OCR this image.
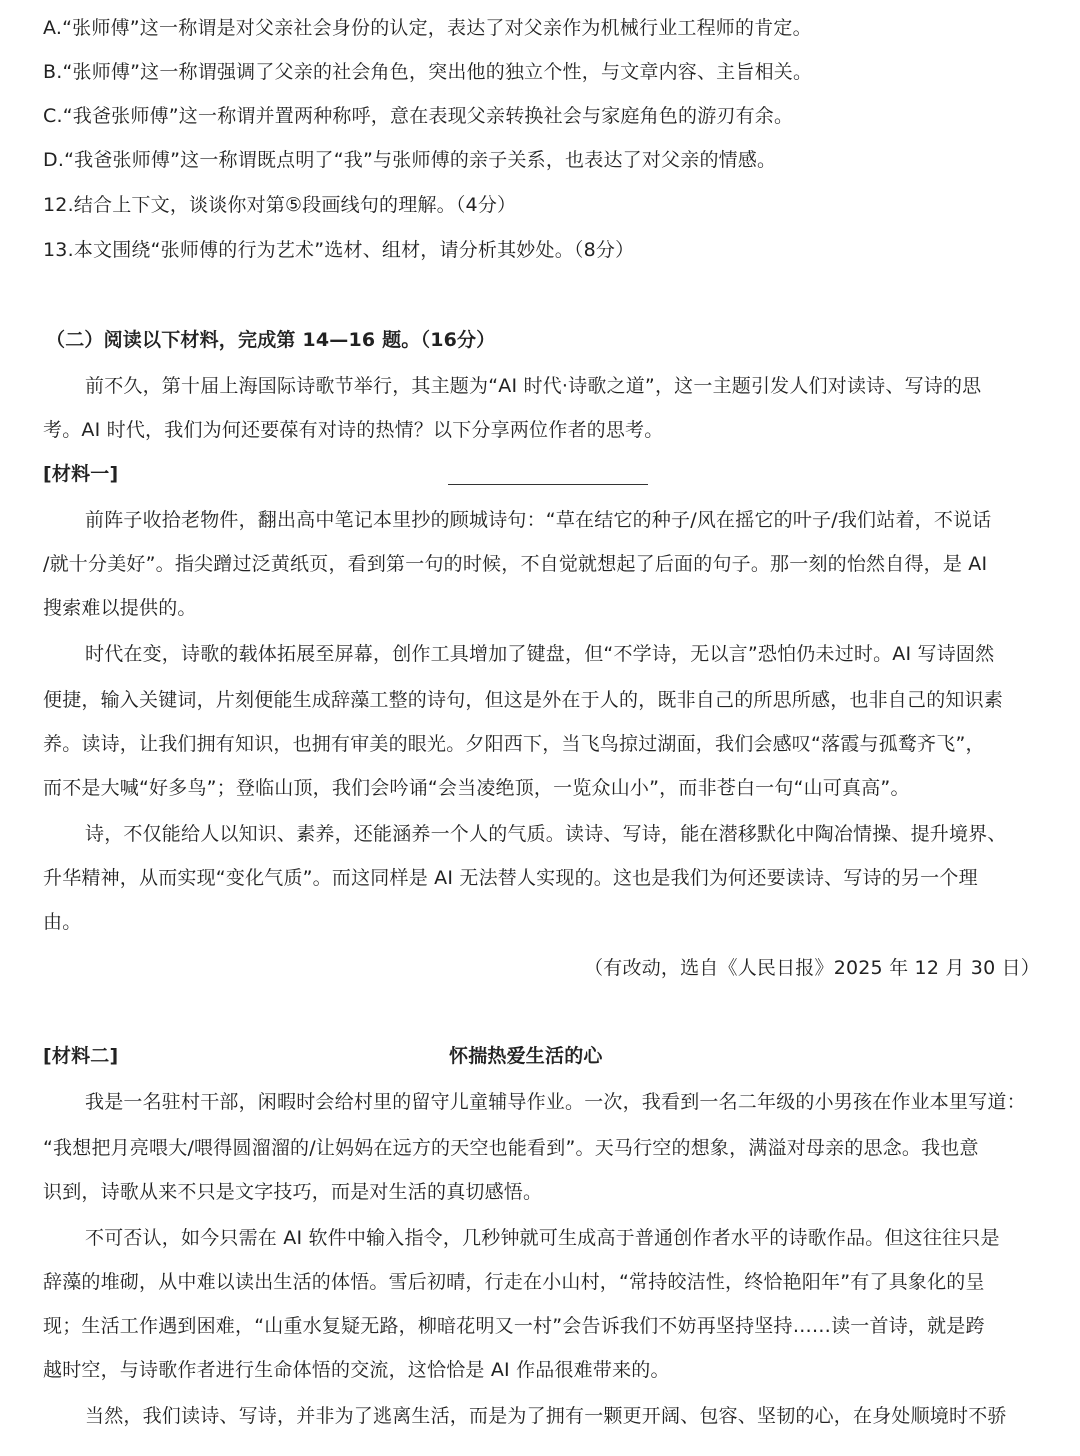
A.“张师傅”这一称谓是对父亲社会身份的认定，表达了对父亲作为机械行业工程师的肯定。
B.“张师傅”这一称谓强调了父亲的社会角色，突出他的独立个性，与文章内容、主旨相关。
C.“我爸张师傅”这一称谓并置两种称呼，意在表现父亲转换社会与家庭角色的游刃有余。
D.“我爸张师傅”这一称谓既点明了“我”与张师傅的亲子关系，也表达了对父亲的情感。
12.结合上下文，谈谈你对第⑤段画线句的理解。（4分）
13.本文围绕“张师傅的行为艺术”选材、组材，请分析其妙处。（8分）
（二）阅读以下材料，完成第 14—16 题。（16分）
前不久，第十届上海国际诗歌节举行，其主题为“AI 时代·诗歌之道”，这一主题引发人们对读诗、写诗的思
考。AI 时代，我们为何还要葆有对诗的热情？以下分享两位作者的思考。
[材料一]
前阵子收拾老物件，翻出高中笔记本里抄的顾城诗句：“草在结它的种子/风在摇它的叶子/我们站着，不说话
/就十分美好”。指尖蹭过泛黄纸页，看到第一句的时候，不自觉就想起了后面的句子。那一刻的怡然自得，是 AI
搜索难以提供的。
时代在变，诗歌的载体拓展至屏幕，创作工具增加了键盘，但“不学诗，无以言”恐怕仍未过时。AI 写诗固然
便捷，输入关键词，片刻便能生成辞藻工整的诗句，但这是外在于人的，既非自己的所思所感，也非自己的知识素
养。读诗，让我们拥有知识，也拥有审美的眼光。夕阳西下，当飞鸟掠过湖面，我们会感叹“落霞与孤鹜齐飞”，
而不是大喊“好多鸟”；登临山顶，我们会吟诵“会当凌绝顶，一览众山小”，而非苍白一句“山可真高”。
诗，不仅能给人以知识、素养，还能涵养一个人的气质。读诗、写诗，能在潜移默化中陶冶情操、提升境界、
升华精神，从而实现“变化气质”。而这同样是 AI 无法替人实现的。这也是我们为何还要读诗、写诗的另一个理
由。
（有改动，选自《人民日报》2025 年 12 月 30 日）
[材料二]	怀揣热爱生活的心
我是一名驻村干部，闲暇时会给村里的留守儿童辅导作业。一次，我看到一名二年级的小男孩在作业本里写道：
“我想把月亮喂大/喂得圆溜溜的/让妈妈在远方的天空也能看到”。天马行空的想象，满溢对母亲的思念。我也意
识到，诗歌从来不只是文字技巧，而是对生活的真切感悟。
不可否认，如今只需在 AI 软件中输入指令，几秒钟就可生成高于普通创作者水平的诗歌作品。但这往往只是
辞藻的堆砌，从中难以读出生活的体悟。雪后初晴，行走在小山村，“常持皎洁性，终恰艳阳年”有了具象化的呈
现；生活工作遇到困难，“山重水复疑无路，柳暗花明又一村”会告诉我们不妨再坚持坚持……读一首诗，就是跨
越时空，与诗歌作者进行生命体悟的交流，这恰恰是 AI 作品很难带来的。
当然，我们读诗、写诗，并非为了逃离生活，而是为了拥有一颗更开阔、包容、坚韧的心，在身处顺境时不骄
